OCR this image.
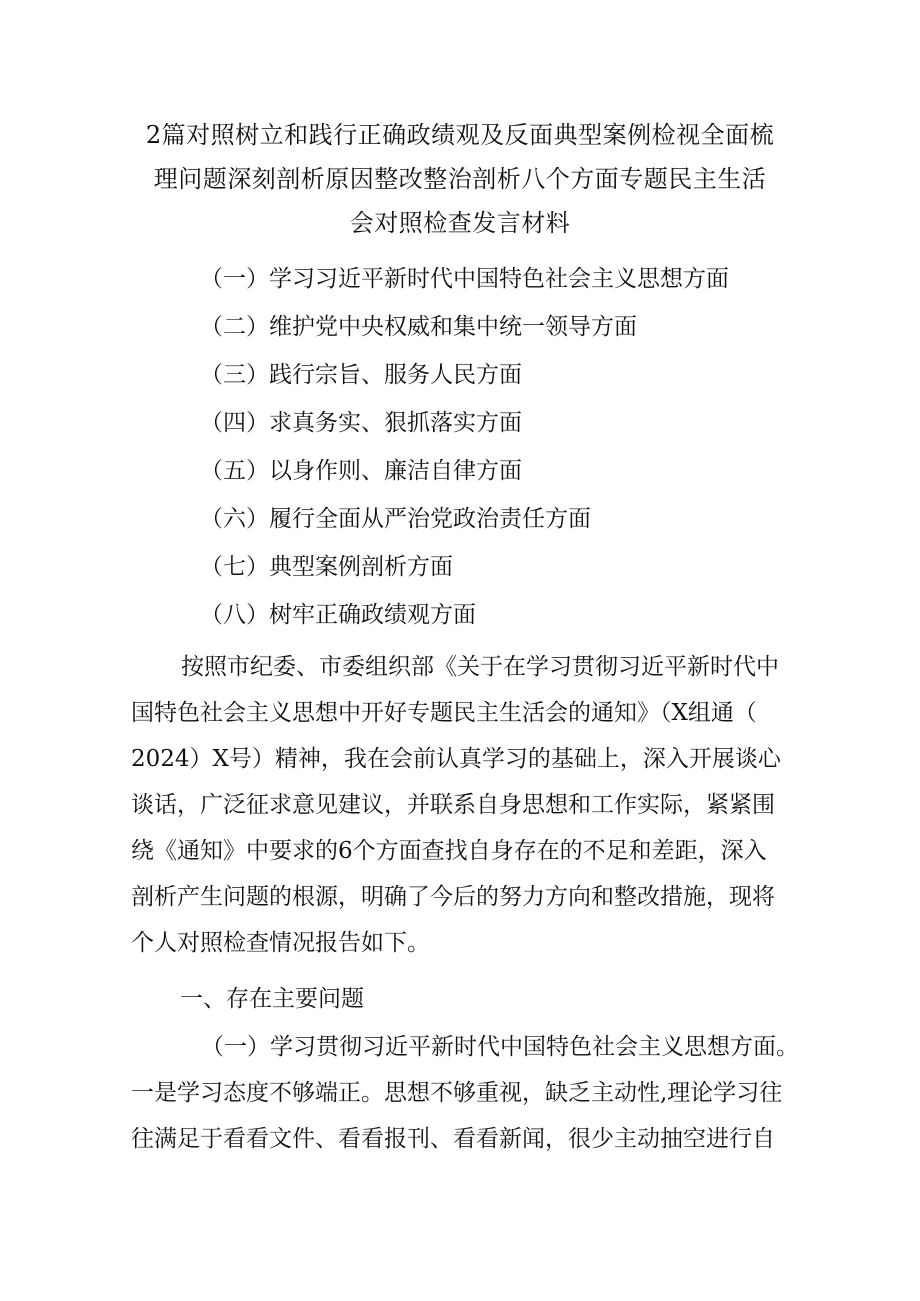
2篇对照树立和践行正确政绩观及反面典型案例检视全面梳
理问题深刻剖析原因整改整治剖析八个方面专题民主生活
会对照检查发言材料
（一）学习习近平新时代中国特色社会主义思想方面
（二）维护党中央权威和集中统一领导方面
（三）践行宗旨、服务人民方面
（四）求真务实、狠抓落实方面
（五）以身作则、廉洁自律方面
（六）履行全面从严治党政治责任方面
（七）典型案例剖析方面
（八）树牢正确政绩观方面
按照市纪委、市委组织部《关于在学习贯彻习近平新时代中
国特色社会主义思想中开好专题民主生活会的通知》（X组通（
2024）X号）精神，我在会前认真学习的基础上，深入开展谈心
谈话，广泛征求意见建议，并联系自身思想和工作实际，紧紧围
绕《通知》中要求的6个方面查找自身存在的不足和差距，深入
剖析产生问题的根源，明确了今后的努力方向和整改措施，现将
个人对照检查情况报告如下。
一、存在主要问题
（一）学习贯彻习近平新时代中国特色社会主义思想方面。
一是学习态度不够端正。思想不够重视，缺乏主动性,理论学习往
往满足于看看文件、看看报刊、看看新闻，很少主动抽空进行自
